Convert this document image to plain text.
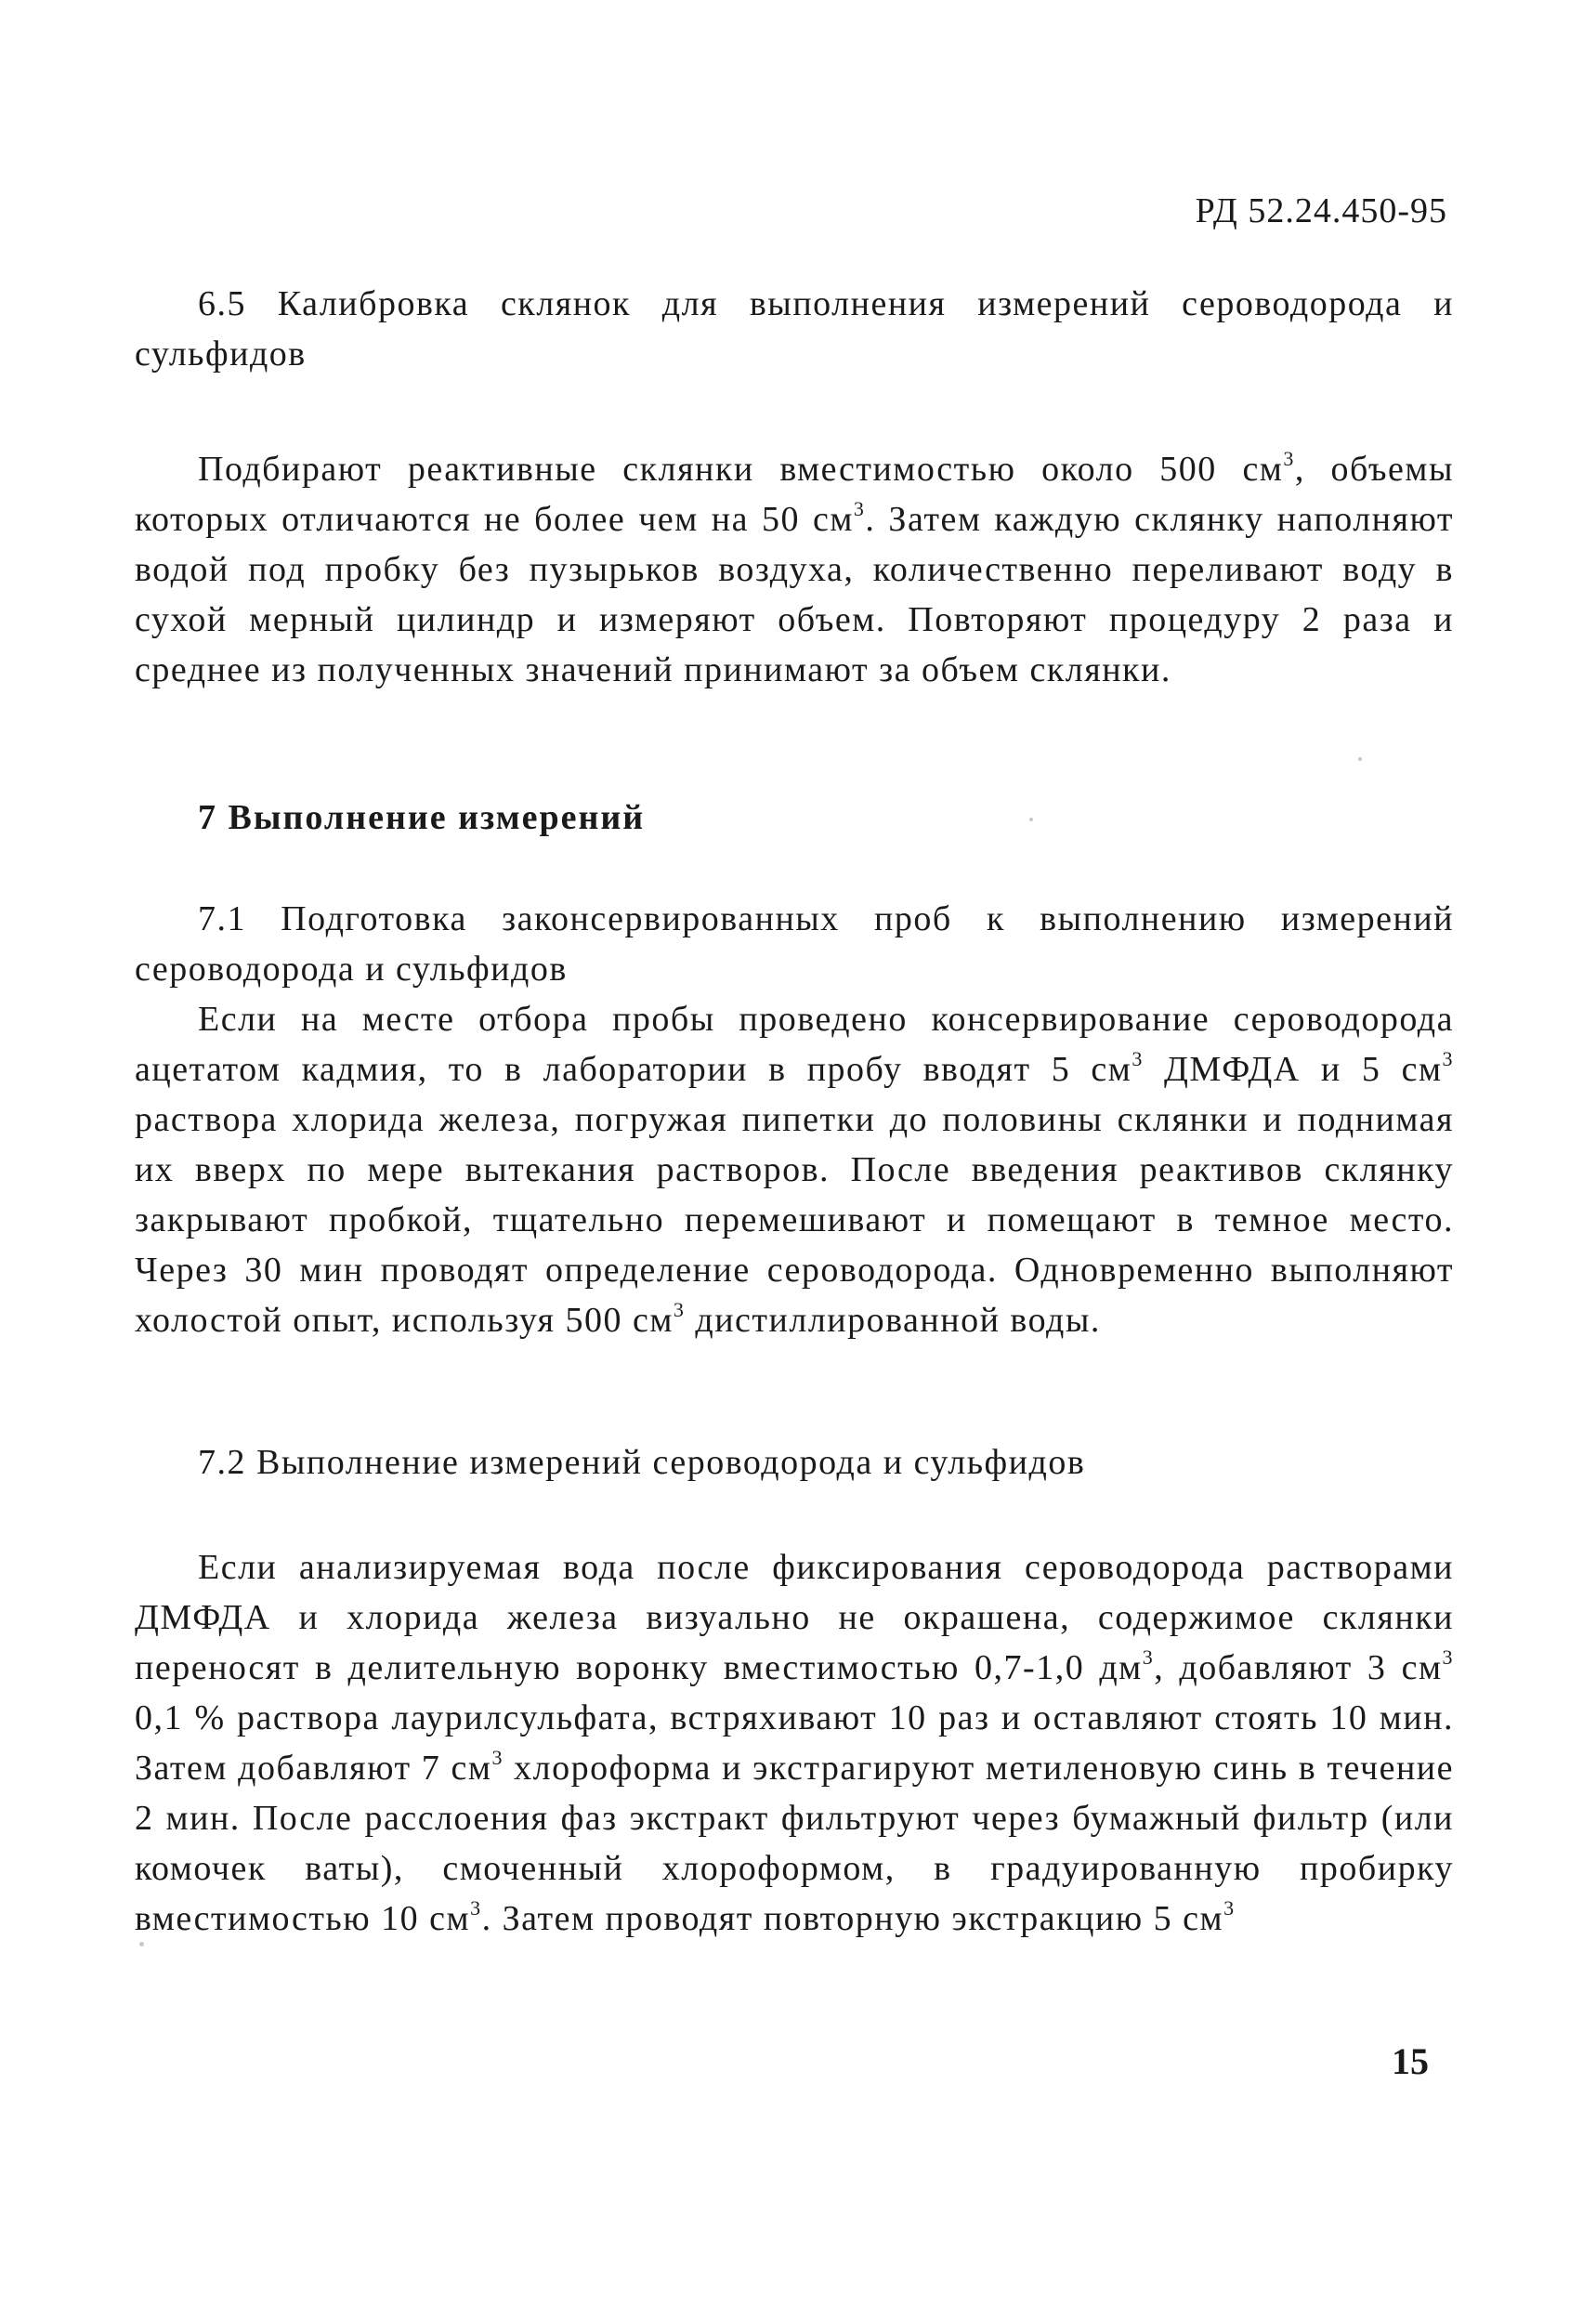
РД 52.24.450-95

6.5 Калибровка склянок для выполнения измерений сероводорода и сульфидов

Подбирают реактивные склянки вместимостью около 500 $см^3$, объемы которых отличаются не более чем на 50 $см^3$. Затем каждую склянку наполняют водой под пробку без пузырьков воздуха, количественно переливают воду в сухой мерный цилиндр и измеряют объем. Повторяют процедуру 2 раза и среднее из полученных значений принимают за объем склянки.

7 Выполнение измерений

7.1 Подготовка законсервированных проб к выполнению измерений сероводорода и сульфидов

Если на месте отбора пробы проведено консервирование сероводорода ацетатом кадмия, то в лаборатории в пробу вводят 5 $см^3$ ДМФДА и 5 $см^3$ раствора хлорида железа, погружая пипетки до половины склянки и поднимая их вверх по мере вытекания растворов. После введения реактивов склянку закрывают пробкой, тщательно перемешивают и помещают в темное место. Через 30 мин проводят определение сероводорода. Одновременно выполняют холостой опыт, используя 500 $см^3$ дистиллированной воды.

7.2 Выполнение измерений сероводорода и сульфидов

Если анализируемая вода после фиксирования сероводорода растворами ДМФДА и хлорида железа визуально не окрашена, содержимое склянки переносят в делительную воронку вместимостью 0,7-1,0 $дм^3$, добавляют 3 $см^3$ 0,1 % раствора лаурилсульфата, встряхивают 10 раз и оставляют стоять 10 мин. Затем добавляют 7 $см^3$ хлороформа и экстрагируют метиленовую синь в течение 2 мин. После расслоения фаз экстракт фильтруют через бумажный фильтр (или комочек ваты), смоченный хлороформом, в градуированную пробирку вместимостью 10 $см^3$. Затем проводят повторную экстракцию 5 $см^3$

15
